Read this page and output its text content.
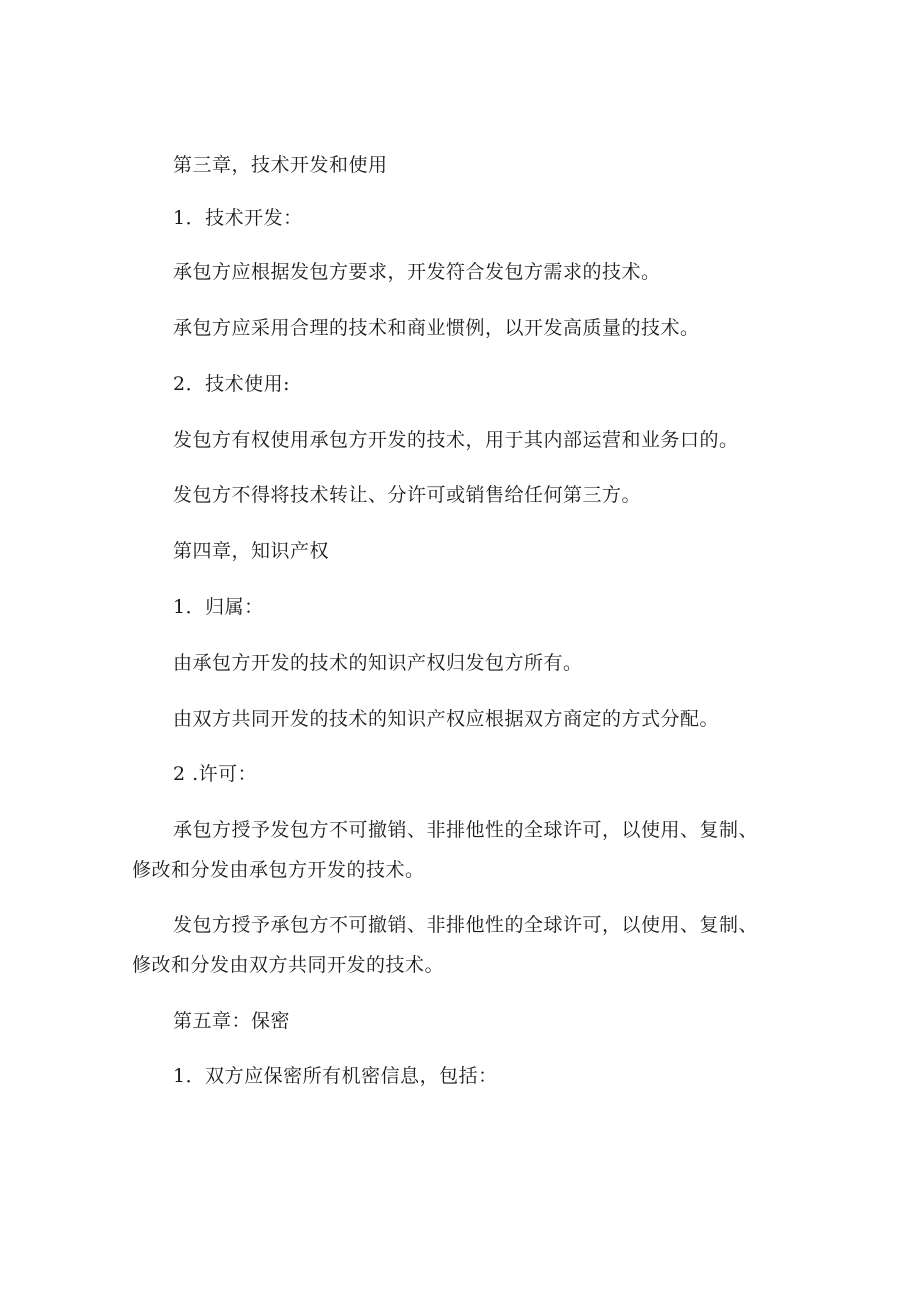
第三章，技术开发和使用
1．技术开发：
承包方应根据发包方要求，开发符合发包方需求的技术。
承包方应采用合理的技术和商业惯例，以开发高质量的技术。
2．技术使用:
发包方有权使用承包方开发的技术，用于其内部运营和业务口的。
发包方不得将技术转让、分许可或销售给任何第三方。
第四章，知识产权
1．归属：
由承包方开发的技术的知识产权归发包方所有。
由双方共同开发的技术的知识产权应根据双方商定的方式分配。
2 .许可：
承包方授予发包方不可撤销、非排他性的全球许可，以使用、复制、
修改和分发由承包方开发的技术。
发包方授予承包方不可撤销、非排他性的全球许可，以使用、复制、
修改和分发由双方共同开发的技术。
第五章：保密
1．双方应保密所有机密信息，包括：
